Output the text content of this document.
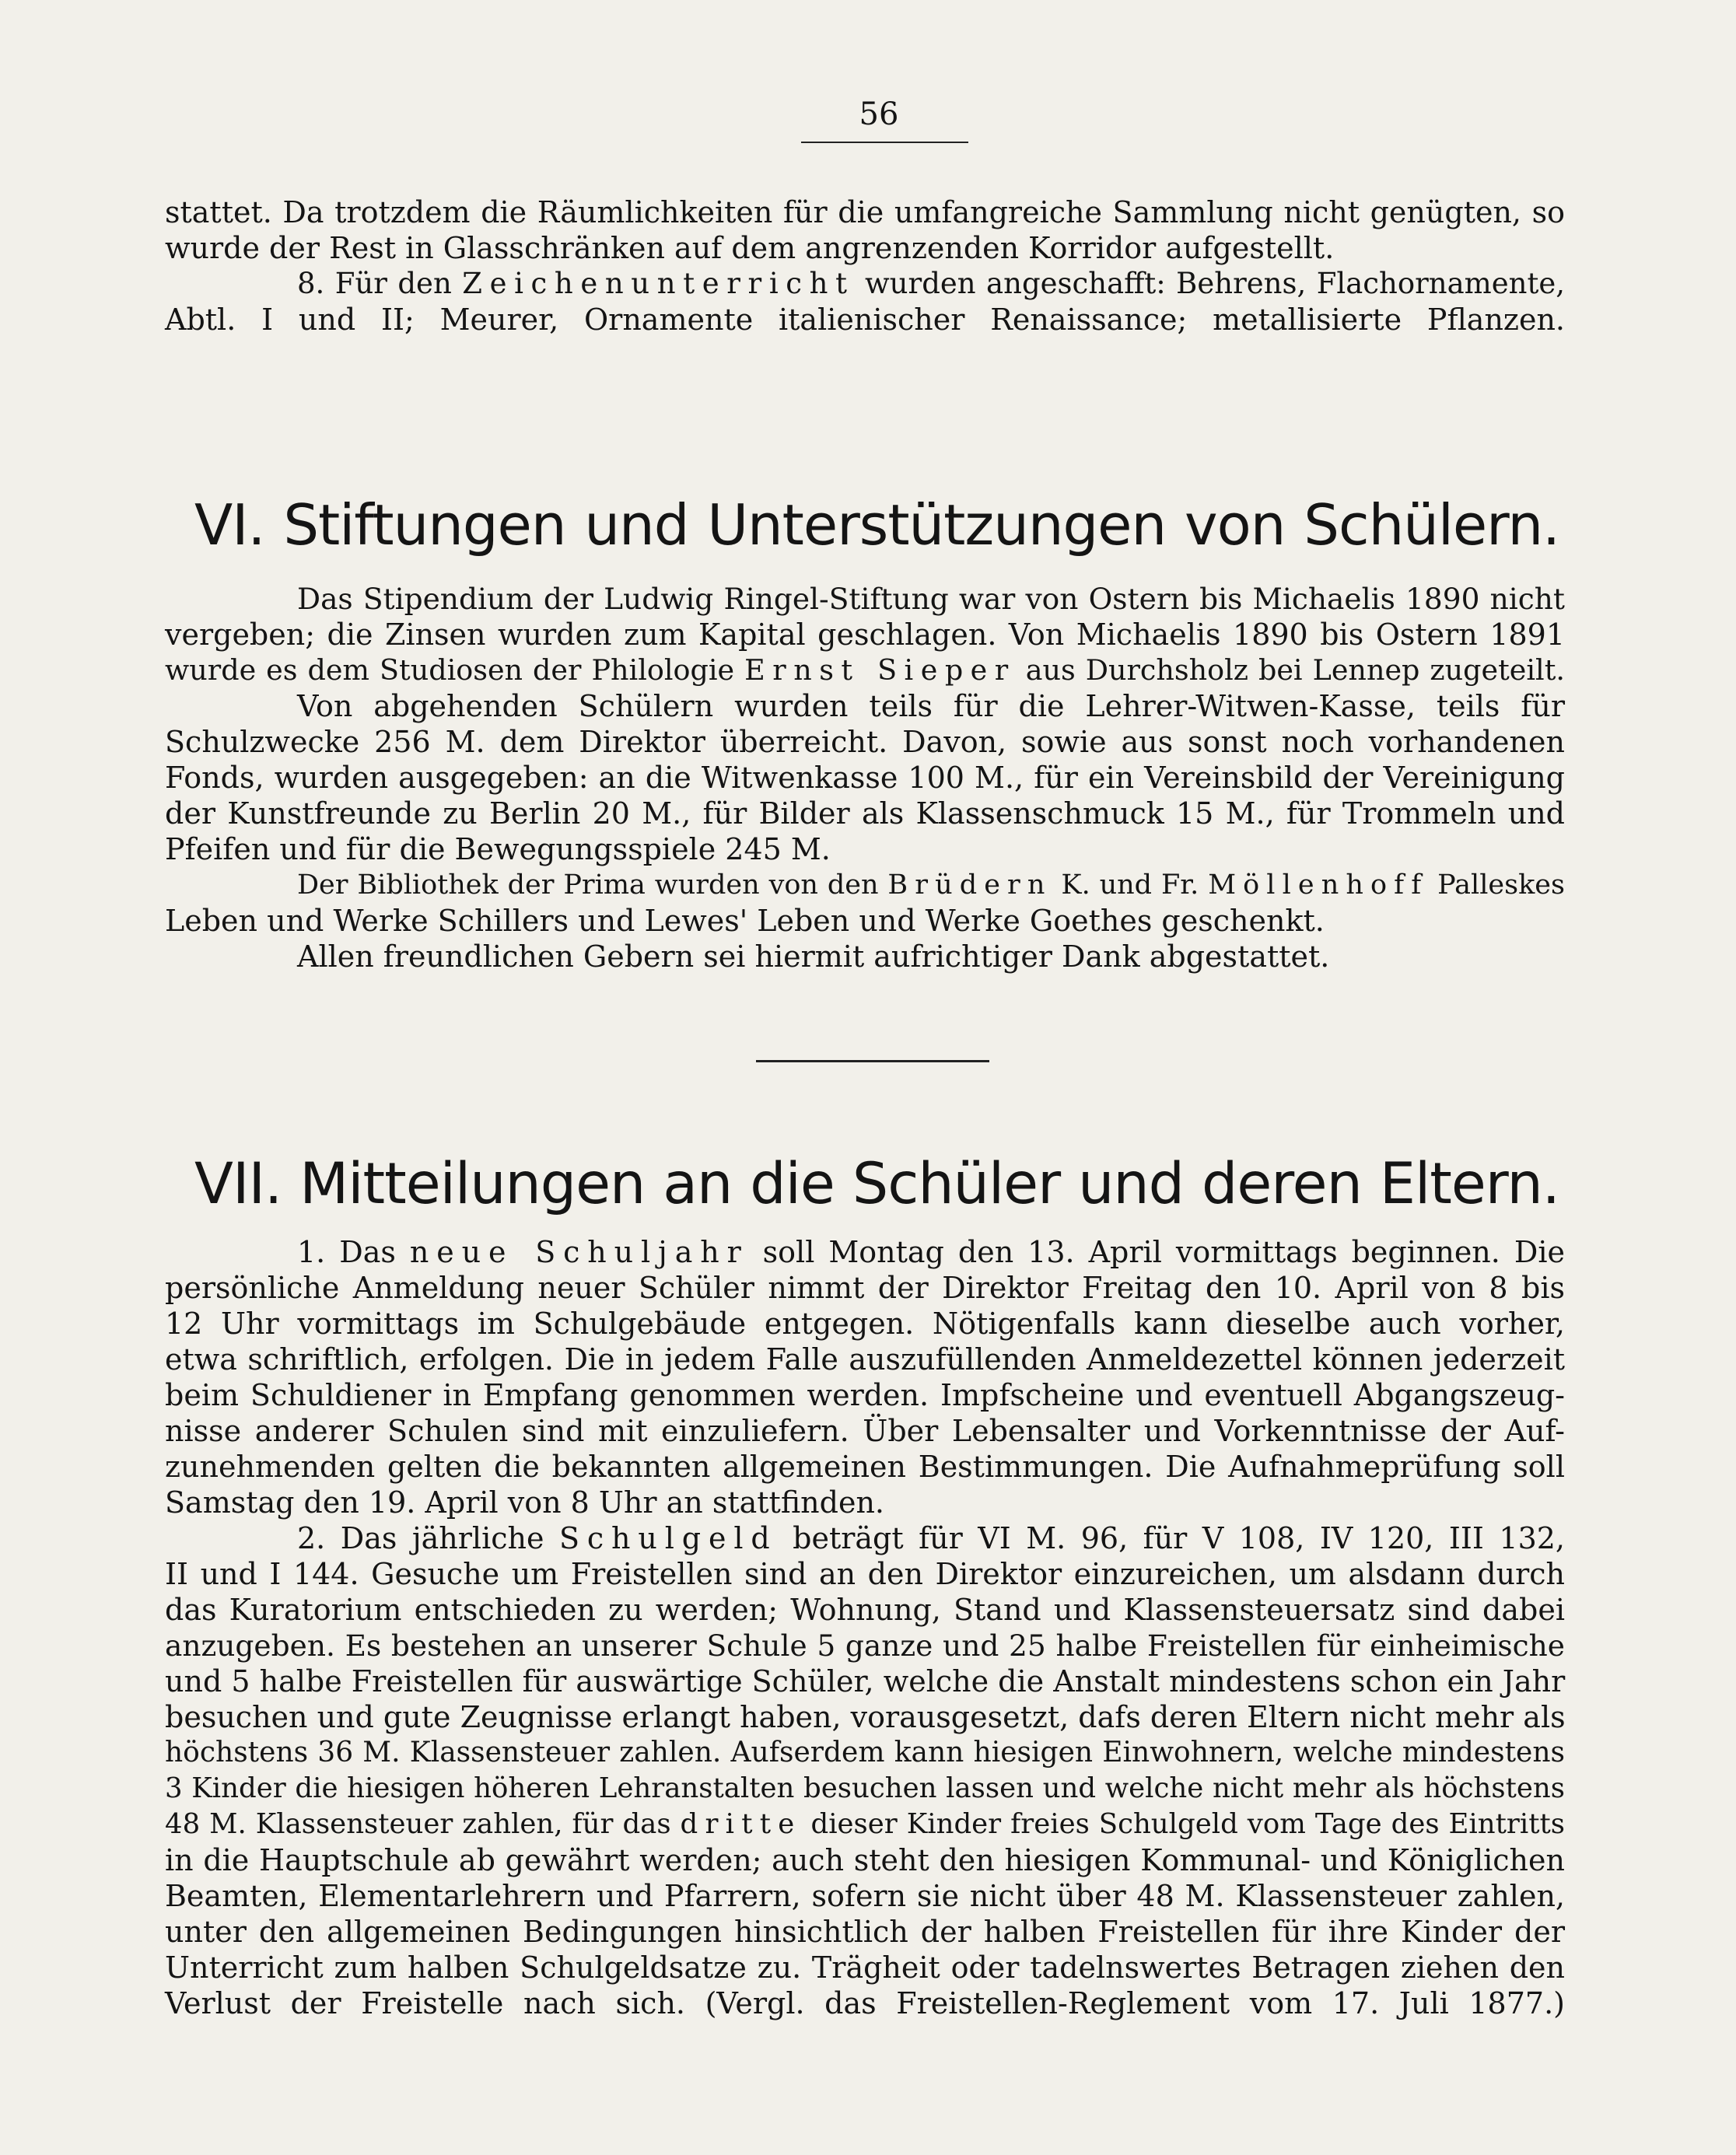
56
stattet. Da trotzdem die Räumlichkeiten für die umfangreiche Sammlung nicht genügten, so
wurde der Rest in Glasschränken auf dem angrenzenden Korridor aufgestellt.
8. Für den Zeichenunterricht wurden angeschafft: Behrens, Flachornamente,
Abtl. I und II; Meurer, Ornamente italienischer Renaissance; metallisierte Pflanzen.
VI. Stiftungen und Unterstützungen von Schülern.
Das Stipendium der Ludwig Ringel-Stiftung war von Ostern bis Michaelis 1890 nicht
vergeben; die Zinsen wurden zum Kapital geschlagen. Von Michaelis 1890 bis Ostern 1891
wurde es dem Studiosen der Philologie Ernst Sieper aus Durchsholz bei Lennep zugeteilt.
Von abgehenden Schülern wurden teils für die Lehrer-Witwen-Kasse, teils für
Schulzwecke 256 M. dem Direktor überreicht. Davon, sowie aus sonst noch vorhandenen
Fonds, wurden ausgegeben: an die Witwenkasse 100 M., für ein Vereinsbild der Vereinigung
der Kunstfreunde zu Berlin 20 M., für Bilder als Klassenschmuck 15 M., für Trommeln und
Pfeifen und für die Bewegungsspiele 245 M.
Der Bibliothek der Prima wurden von den Brüdern K. und Fr. Möllenhoff Palleskes
Leben und Werke Schillers und Lewes' Leben und Werke Goethes geschenkt.
Allen freundlichen Gebern sei hiermit aufrichtiger Dank abgestattet.
VII. Mitteilungen an die Schüler und deren Eltern.
1. Das neue Schuljahr soll Montag den 13. April vormittags beginnen. Die
persönliche Anmeldung neuer Schüler nimmt der Direktor Freitag den 10. April von 8 bis
12 Uhr vormittags im Schulgebäude entgegen. Nötigenfalls kann dieselbe auch vorher,
etwa schriftlich, erfolgen. Die in jedem Falle auszufüllenden Anmeldezettel können jederzeit
beim Schuldiener in Empfang genommen werden. Impfscheine und eventuell Abgangszeug-
nisse anderer Schulen sind mit einzuliefern. Über Lebensalter und Vorkenntnisse der Auf-
zunehmenden gelten die bekannten allgemeinen Bestimmungen. Die Aufnahmeprüfung soll
Samstag den 19. April von 8 Uhr an stattfinden.
2. Das jährliche Schulgeld beträgt für VI M. 96, für V 108, IV 120, III 132,
II und I 144. Gesuche um Freistellen sind an den Direktor einzureichen, um alsdann durch
das Kuratorium entschieden zu werden; Wohnung, Stand und Klassensteuersatz sind dabei
anzugeben. Es bestehen an unserer Schule 5 ganze und 25 halbe Freistellen für einheimische
und 5 halbe Freistellen für auswärtige Schüler, welche die Anstalt mindestens schon ein Jahr
besuchen und gute Zeugnisse erlangt haben, vorausgesetzt, dafs deren Eltern nicht mehr als
höchstens 36 M. Klassensteuer zahlen. Aufserdem kann hiesigen Einwohnern, welche mindestens
3 Kinder die hiesigen höheren Lehranstalten besuchen lassen und welche nicht mehr als höchstens
48 M. Klassensteuer zahlen, für das dritte dieser Kinder freies Schulgeld vom Tage des Eintritts
in die Hauptschule ab gewährt werden; auch steht den hiesigen Kommunal- und Königlichen
Beamten, Elementarlehrern und Pfarrern, sofern sie nicht über 48 M. Klassensteuer zahlen,
unter den allgemeinen Bedingungen hinsichtlich der halben Freistellen für ihre Kinder der
Unterricht zum halben Schulgeldsatze zu. Trägheit oder tadelnswertes Betragen ziehen den
Verlust der Freistelle nach sich. (Vergl. das Freistellen-Reglement vom 17. Juli 1877.)
